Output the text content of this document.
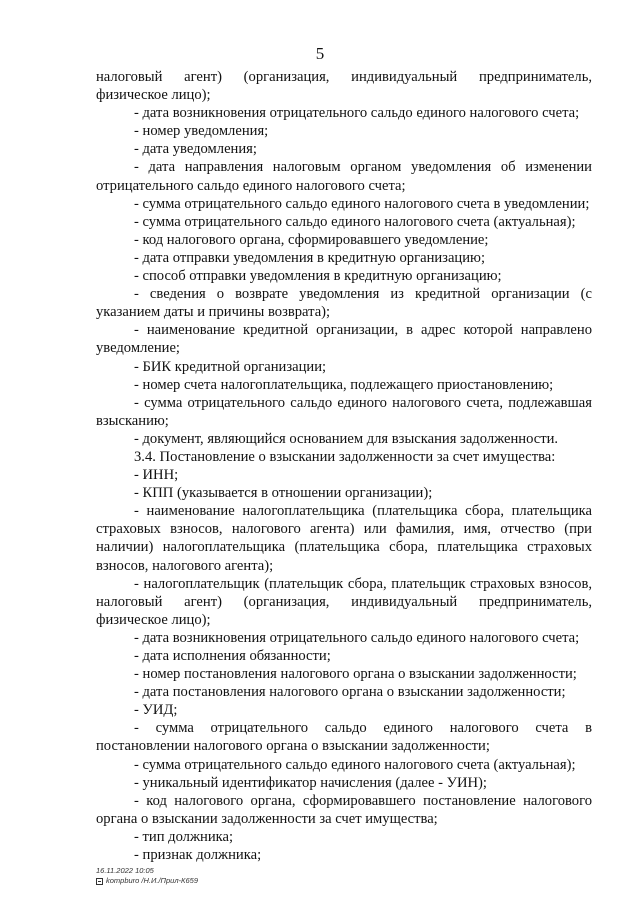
5

налоговый агент) (организация, индивидуальный предприниматель, физическое лицо);

- дата возникновения отрицательного сальдо единого налогового счета;

- номер уведомления;

- дата уведомления;

- дата направления налоговым органом уведомления об изменении отрицательного сальдо единого налогового счета;

- сумма отрицательного сальдо единого налогового счета в уведомлении;

- сумма отрицательного сальдо единого налогового счета (актуальная);

- код налогового органа, сформировавшего уведомление;

- дата отправки уведомления в кредитную организацию;

- способ отправки уведомления в кредитную организацию;

- сведения о возврате уведомления из кредитной организации (с указанием даты и причины возврата);

- наименование кредитной организации, в адрес которой направлено уведомление;

- БИК кредитной организации;

- номер счета налогоплательщика, подлежащего приостановлению;

- сумма отрицательного сальдо единого налогового счета, подлежавшая взысканию;

- документ, являющийся основанием для взыскания задолженности.

3.4. Постановление о взыскании задолженности за счет имущества:

- ИНН;

- КПП (указывается в отношении организации);

- наименование налогоплательщика (плательщика сбора, плательщика страховых взносов, налогового агента) или фамилия, имя, отчество (при наличии) налогоплательщика (плательщика сбора, плательщика страховых взносов, налогового агента);

- налогоплательщик (плательщик сбора, плательщик страховых взносов, налоговый агент) (организация, индивидуальный предприниматель, физическое лицо);

- дата возникновения отрицательного сальдо единого налогового счета;

- дата исполнения обязанности;

- номер постановления налогового органа о взыскании задолженности;

- дата постановления налогового органа о взыскании задолженности;

- УИД;

- сумма отрицательного сальдо единого налогового счета в постановлении налогового органа о взыскании задолженности;

- сумма отрицательного сальдо единого налогового счета (актуальная);

- уникальный идентификатор начисления (далее - УИН);

- код налогового органа, сформировавшего постановление налогового органа о взыскании задолженности за счет имущества;

- тип должника;

- признак должника;

16.11.2022 10:05
kompburo /Н.И./Прил-К659
